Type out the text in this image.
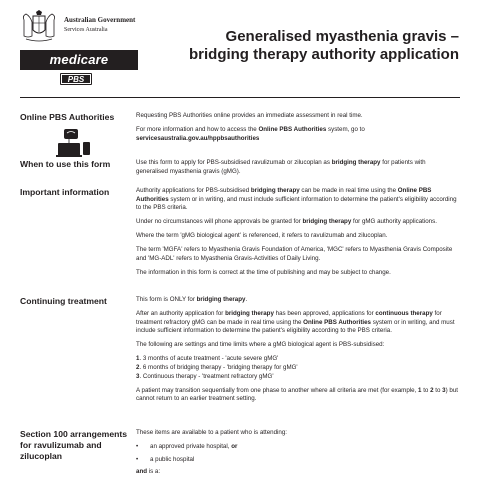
Australian Government
Services Australia
medicare
PBS
Generalised myasthenia gravis –
bridging therapy authority application
Online PBS Authorities	Requesting PBS Authorities online provides an immediate assessment in real time.

For more information and how to access the Online PBS Authorities system, go to
servicesaustralia.gov.au/hppbsauthorities

When to use this form	Use this form to apply for PBS-subsidised ravulizumab or zilucoplan as bridging therapy for patients with generalised myasthenia gravis (gMG).

Important information	Authority applications for PBS-subsidised bridging therapy can be made in real time using the Online PBS Authorities system or in writing, and must include sufficient information to determine the patient's eligibility according to the PBS criteria.

Under no circumstances will phone approvals be granted for bridging therapy for gMG authority applications.

Where the term 'gMG biological agent' is referenced, it refers to ravulizumab and zilucoplan.

The term 'MGFA' refers to Myasthenia Gravis Foundation of America, 'MGC' refers to Myasthenia Gravis Composite and 'MG-ADL' refers to Myasthenia Gravis-Activities of Daily Living.

The information in this form is correct at the time of publishing and may be subject to change.

Continuing treatment	This form is ONLY for bridging therapy.

After an authority application for bridging therapy has been approved, applications for continuous therapy for treatment refractory gMG can be made in real time using the Online PBS Authorities system or in writing, and must include sufficient information to determine the patient's eligibility according to the PBS criteria.

The following are settings and time limits where a gMG biological agent is PBS-subsidised:

1. 3 months of acute treatment - 'acute severe gMG'
2. 6 months of bridging therapy - 'bridging therapy for gMG'
3. Continuous therapy - 'treatment refractory gMG'

A patient may transition sequentially from one phase to another where all criteria are met (for example, 1 to 2 to 3) but cannot return to an earlier treatment setting.

Section 100 arrangements for ravulizumab and zilucoplan

These items are available to a patient who is attending:

•	an approved private hospital, or
•	a public hospital

and is a:
